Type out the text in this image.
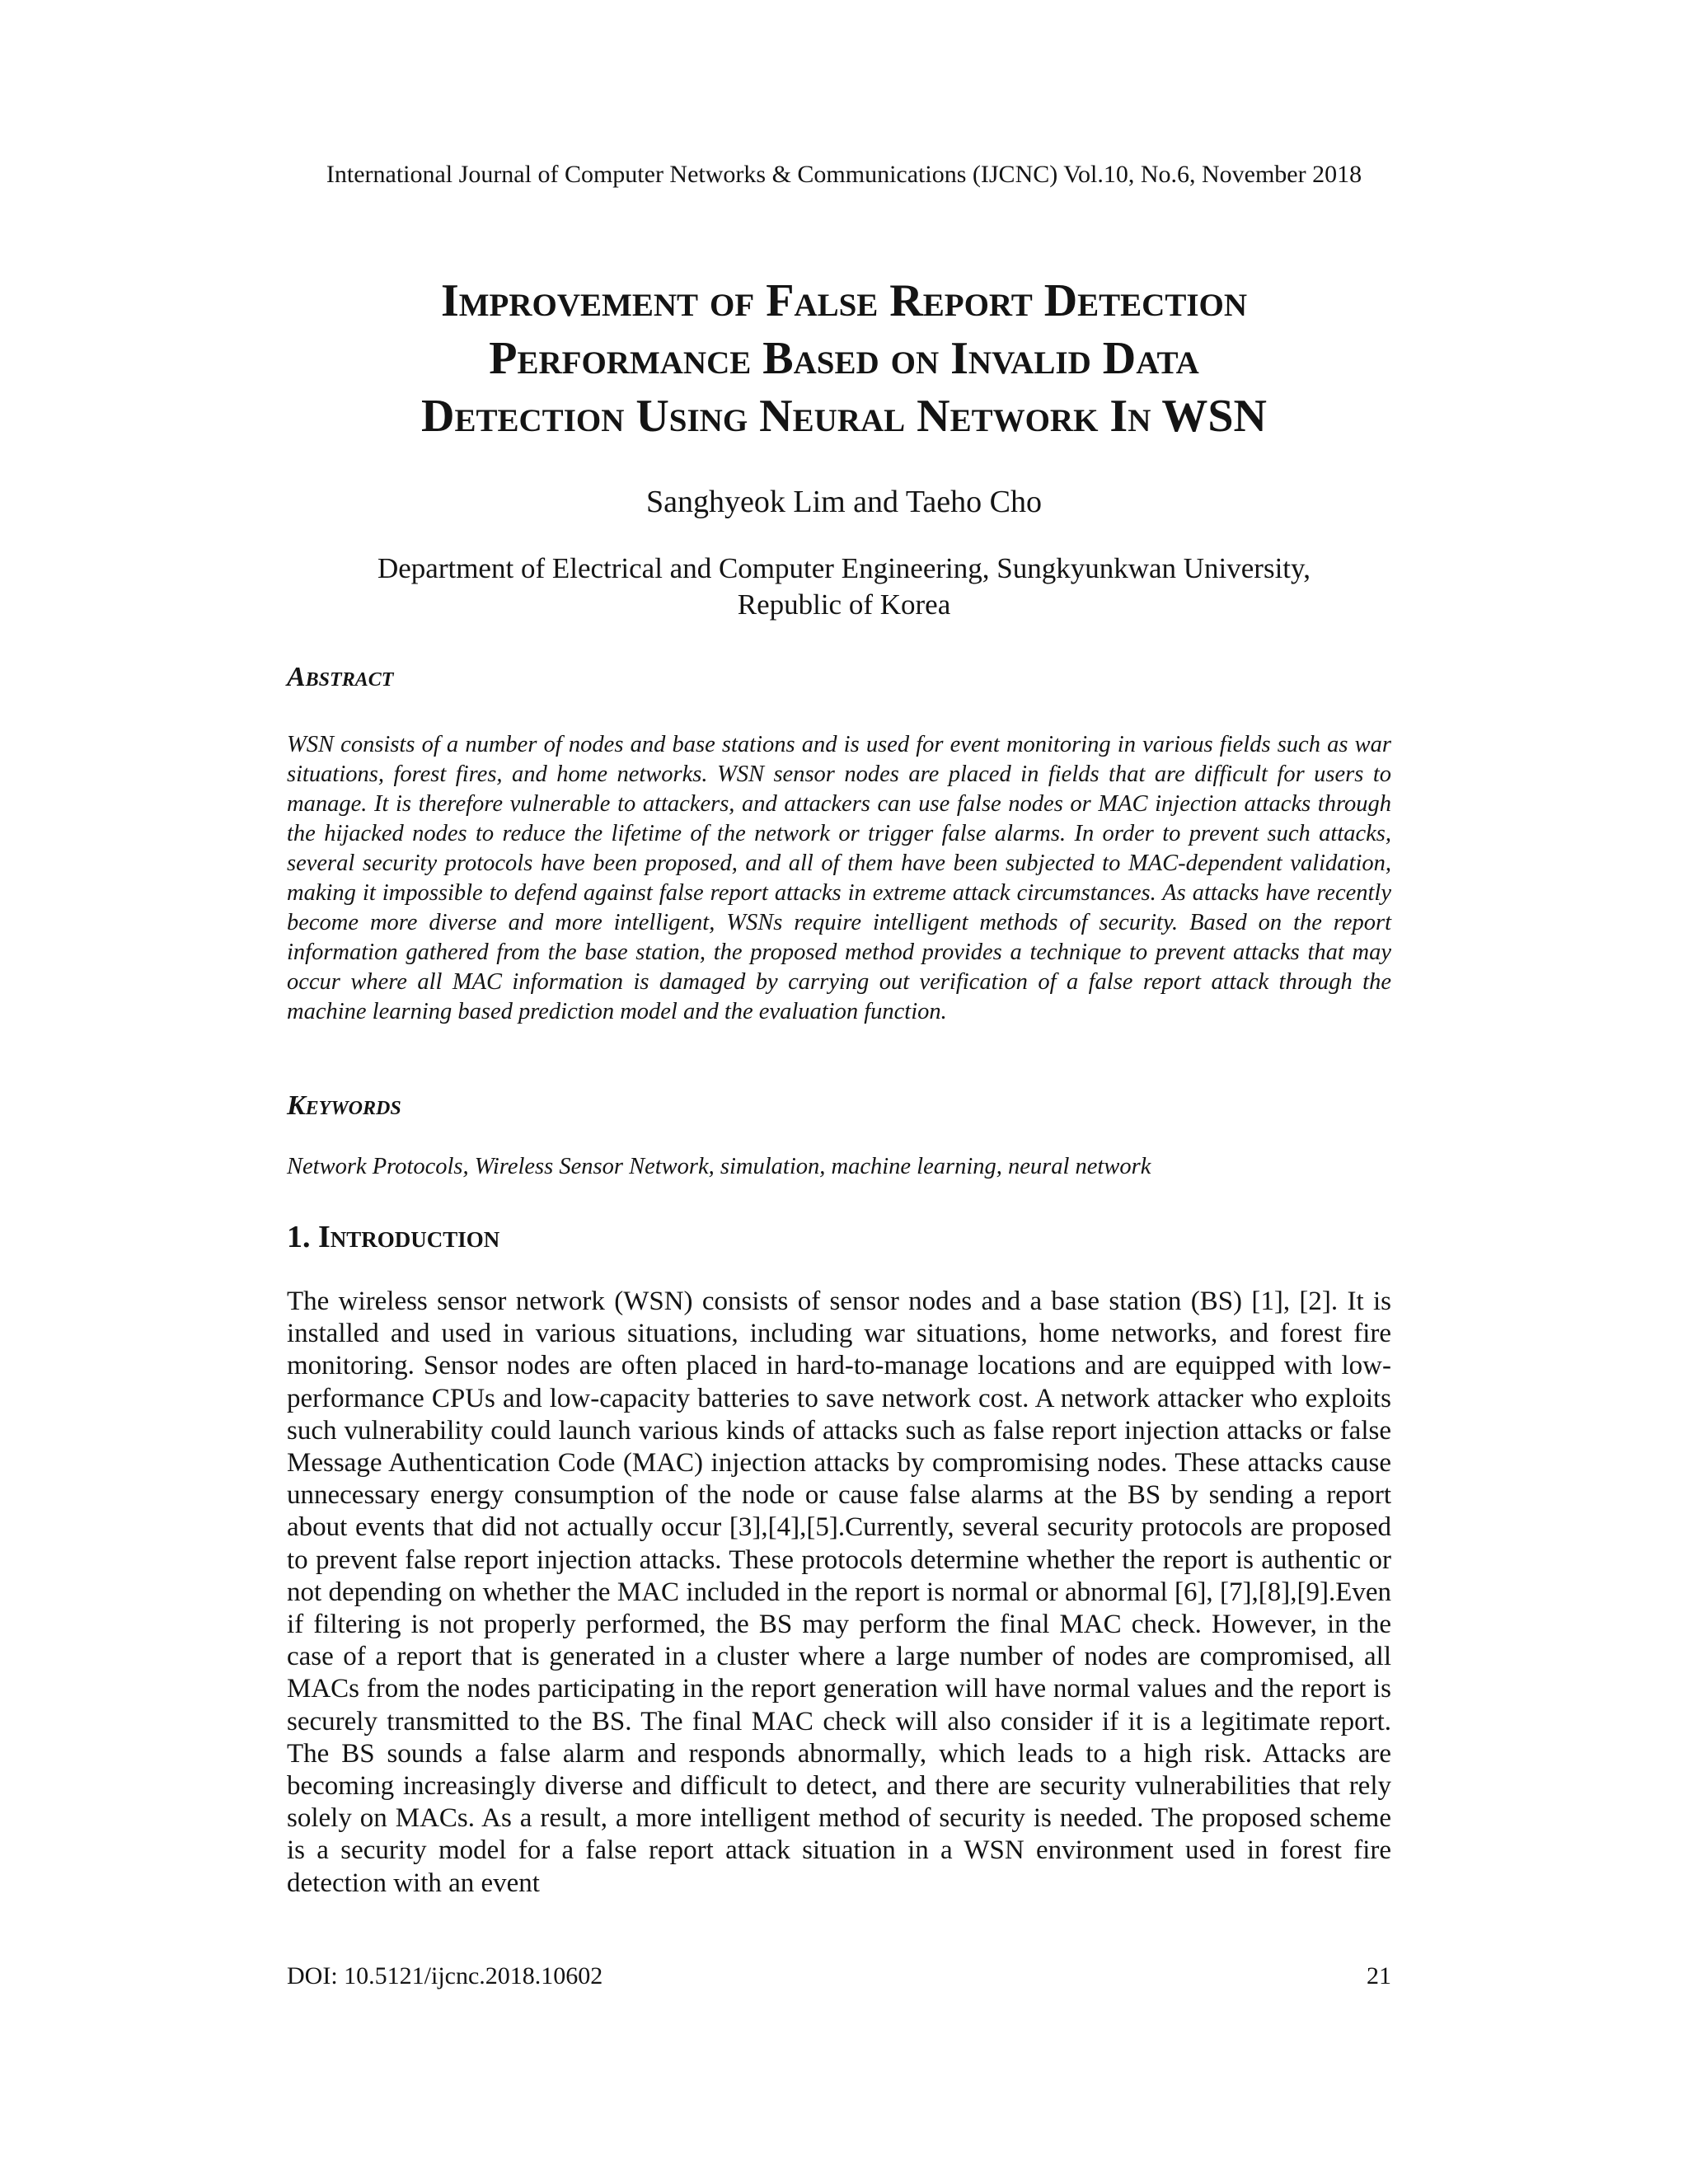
International Journal of Computer Networks & Communications (IJCNC) Vol.10, No.6, November 2018
Improvement of False Report Detection
Performance Based on Invalid Data
Detection Using Neural Network In WSN
Sanghyeok Lim and Taeho Cho
Department of Electrical and Computer Engineering, Sungkyunkwan University,
Republic of Korea
Abstract
WSN consists of a number of nodes and base stations and is used for event monitoring in various fields such as war situations, forest fires, and home networks. WSN sensor nodes are placed in fields that are difficult for users to manage. It is therefore vulnerable to attackers, and attackers can use false nodes or MAC injection attacks through the hijacked nodes to reduce the lifetime of the network or trigger false alarms. In order to prevent such attacks, several security protocols have been proposed, and all of them have been subjected to MAC-dependent validation, making it impossible to defend against false report attacks in extreme attack circumstances. As attacks have recently become more diverse and more intelligent, WSNs require intelligent methods of security. Based on the report information gathered from the base station, the proposed method provides a technique to prevent attacks that may occur where all MAC information is damaged by carrying out verification of a false report attack through the machine learning based prediction model and the evaluation function.
Keywords
Network Protocols, Wireless Sensor Network, simulation, machine learning, neural network
1. Introduction
The wireless sensor network (WSN) consists of sensor nodes and a base station (BS) [1], [2]. It is installed and used in various situations, including war situations, home networks, and forest fire monitoring. Sensor nodes are often placed in hard-to-manage locations and are equipped with low-performance CPUs and low-capacity batteries to save network cost. A network attacker who exploits such vulnerability could launch various kinds of attacks such as false report injection attacks or false Message Authentication Code (MAC) injection attacks by compromising nodes. These attacks cause unnecessary energy consumption of the node or cause false alarms at the BS by sending a report about events that did not actually occur [3],[4],[5].Currently, several security protocols are proposed to prevent false report injection attacks. These protocols determine whether the report is authentic or not depending on whether the MAC included in the report is normal or abnormal [6], [7],[8],[9].Even if filtering is not properly performed, the BS may perform the final MAC check. However, in the case of a report that is generated in a cluster where a large number of nodes are compromised, all MACs from the nodes participating in the report generation will have normal values and the report is securely transmitted to the BS. The final MAC check will also consider if it is a legitimate report. The BS sounds a false alarm and responds abnormally, which leads to a high risk. Attacks are becoming increasingly diverse and difficult to detect, and there are security vulnerabilities that rely solely on MACs. As a result, a more intelligent method of security is needed. The proposed scheme is a security model for a false report attack situation in a WSN environment used in forest fire detection with an event
DOI: 10.5121/ijcnc.2018.10602	21
